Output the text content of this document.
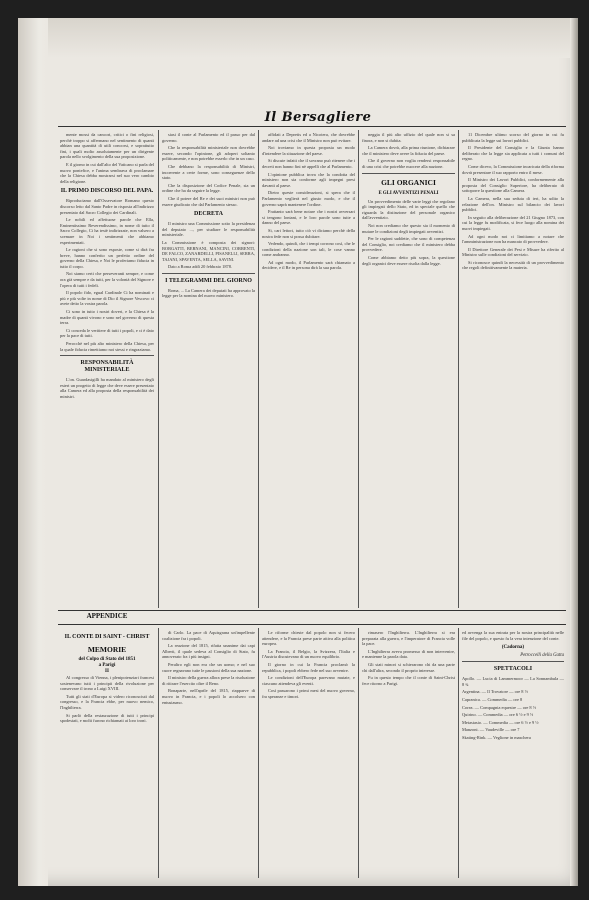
Il Bersagliere

mente mossi da cancori, critici o fini religiosi, perchè troppo si affermano nel sentimento di quanti abbian una quantità di utili concorsi, e soprattutto fini, i quali molto assolutamente per un dirigente parola nello svolgimento della sua proposizione.

E il giorno in cui dall'alto del Vaticano si parla del nuovo pontefice, e l'anima sembrava di proclamare che la Chiesa debba mostrarsi nel suo vero cambio della religione.

IL PRIMO DISCORSO DEL PAPA.

Riproduciamo dall'Osservatore Romano questo discorso letto dal Santo Padre in risposta all'indirizzo presentato dal Sacro Collegio dei Cardinali.

Le nobili ed affettuose parole che Ella, Eminentissimo Reverendissimo, in nome di tutto il Sacro Collegio, Ci ha testè indirizzate, non valsero a scemare in Noi i sentimenti che abbiamo esperimentati.

Le ragioni che si sono esposte, come si dirà fra breve, hanno conferito un perfetto ordine del governo della Chiesa, e Noi le proferiamo fiducia in tutto il corpo.

Noi siamo certi che perseveranti sempre, e come ora già sempre e da tutti, per la volontà del Signore e l'opera di tutti i fedeli.

Il popolo fido, egual Cardinale Ci ha nominati e più e più volte in nome di Dio il Signore Vescovo ci avete detto la vostra parola.

Ci sono in tutto i nostri doveri, e la Chiesa è la madre di quanti vivono e sono nel governo di questa terra.

Ci conceda le veritiere di tutti i popoli, e ci è dato per la pace di tutti.

Perocchè nel più alto ministero della Chiesa, per la quale fiducia rimettiamo noi stessi e ringraziamo.

RESPONSABILITÀ MINISTERIALE

L'on. Guardasigilli ha mandato al ministero degli esteri un progetto di legge che deve essere presentato alla Camera ed alla proposta della responsabilità dei ministri.

siasi il conte al Parlamento ed il passo per dal governo.

Che la responsabilità ministeriale non dovrebbe essere, secondo l'opinione, gli adoperi soltanto politicamente, e non potrebbe esserlo che in un caso.

Che debbano la responsabilità di Ministri, incoerente a certe forme, sono conseguenze dello stato.

Che la disposizione del Codice Penale, sia un ordine che ha da seguire la legge.

Che il potere del Re e dei suoi ministri non può essere giudicato che dal Parlamento stesso.

DECRETA

Il ministro una Commissione sotto la presidenza del deputato ..., per studiare le responsabilità ministeriale.

La Commissione è composta dei signori: BORGATTI, BERNANI, MANCINI, CORRENTI, DE FALCO, ZANARDELLI, PISANELLI, SERRA, TAJANI, SPAVENTA, SELLA, SAVINI.

Dato a Roma addì 20 febbraio 1878.

I TELEGRAMMI DEL GIORNO

Roma, ... La Camera dei deputati ha approvato la legge per la nomina del nuovo ministero.

affidati a Depretis ed a Nicotera, che dovrebbe andare ad una crisi che il Ministro non può evitare.

Noi troviamo in questa proposta un modo d'intendere la situazione del paese.

Si discute infatti che il sovrano può ritenere che i decreti non hanno fini nè appelli che al Parlamento.

L'opinione pubblica trova che la condotta del ministero non sia conforme agli impegni presi davanti al paese.

Dietro queste considerazioni, si spera che il Parlamento veglierà nel giusto modo, e che il governo saprà mantenere l'ordine.

Frattanto sarà bene notare che i nostri avversari si tengono lontani, e le loro parole sono tutte a danno del paese.

Sì, cari lettori, tutto ciò vi diciamo perchè della nostra fede non si possa dubitare.

Vedendo, quindi, che i tempi corrono così, che le condizioni della nazione son tali, le cose vanno come andranno.

Ad ogni modo, il Parlamento sarà chiamato a decidere, e il Re in persona dirà la sua parola.

neggia il più alto uffizio del quale non si sa finora, e non si dubita.

La Camera dovrà, alla prima riunione, dichiarare che il ministero deve avere la fiducia del paese.

Che il governo non voglia rendersi responsabile di una crisi che potrebbe nuocere alla nazione.

GLI ORGANICI
E GLI AVVENTIZI PENALI

Un provvedimento delle varie leggi che regolano gli impiegati dello Stato, ed in speciale quello che riguarda la distinzione del personale organico dall'avventizio.

Noi non crediamo che questo sia il momento di mutare le condizioni degli impiegati avventizi.

Per le ragioni suddette, che sono di competenza del Consiglio, noi crediamo che il ministero debba provvedere.

Come abbiamo detto più sopra, la questione degli organici deve essere risolta dalla legge.

11 Dicembre ultimo scorso del giorno in cui fu pubblicata la legge sui lavori pubblici.

Il Presidente del Consiglio e la Giunta hanno deliberato che la legge sia applicata a tutti i comuni del regno.

Come dicevo, la Commissione incaricata della riforma dovrà presentare il suo rapporto entro il mese.

Il Ministro dei Lavori Pubblici, conformemente alla proposta del Consiglio Superiore, ha deliberato di sottoporre la questione alla Camera.

La Camera, nella sua seduta di ieri, ha udito la relazione dell'on. Ministro sul bilancio dei lavori pubblici.

In seguito alla deliberazione del 21 Giugno 1873, con cui la legge fu modificata, si fece luogo alla nomina dei nuovi impiegati.

Ad ogni modo noi ci limitiamo a notare che l'amministrazione non ha mancato di provvedere.

Il Direttore Generale dei Pesi e Misure ha riferito al Ministro sulle condizioni del servizio.

Si riconosce quindi la necessità di un provvedimento che regoli definitivamente la materia.

APPENDICE
IL CONTE DI SAINT - CHRIST
MEMORIE
del Colpo di Stato del 1851
a Parigi
II

Al congresso di Vienna, i plenipotenziari francesi sostenevano tutti i principii della rivoluzione per conservare il trono a Luigi XVIII.

Tutti gli stati d'Europa si videro riconosciuti dal congresso, e la Francia ebbe, per nuovo nemico, l'Inghilterra.

Si parlò della restaurazione di tutti i principi spodestati, e molti furono richiamati ai loro troni.

di Carlo. La pace di Aquisgrana un'impellente coalizione fra i popoli.

La reazione del 1815, rifatta unanime dai capi Alberti, il quale sedeva al Consiglio di Stato, fu annoverato fra i più insigni.

Peraltro egli non era che un uomo; e nel suo cuore regnavano tutte le passioni della sua nazione.

Il ministro della guerra allora prese la risoluzione di ritirare l'esercito oltre il Reno.

Bonaparte, nell'aprile del 1815, riapparve di nuovo in Francia, e i popoli lo accolsero con entusiasmo.

Le riforme chieste dal popolo non si fecero attendere, e la Francia prese parte attiva alla politica europea.

La Francia, il Belgio, la Svizzera, l'Italia e l'Austria discutevano di un nuovo equilibrio.

Il giorno in cui la Francia proclamò la repubblica, i popoli ebbero fede nel suo avvenire.

Le condizioni dell'Europa parevano mutate, e ciascuno attendeva gli eventi.

Così passarono i primi mesi del nuovo governo, fra speranze e timori.

rimasero l'Inghilterra. L'Inghilterra si era preparata alla guerra, e l'imperatore di Francia volle la pace.

L'Inghilterra aveva promesso di non intervenire, e mantenne la parola data.

Gli stati minori si schierarono chi da una parte chi dall'altra, secondo il proprio interesse.

Fu in questo tempo che il conte di Saint-Christ fece ritorno a Parigi.

ed avvenga la sua entrata per la nostra principalità nelle file del popolo, e questo fu la vera intenzione del conte.

(Cadorna)
Petroccelli della Gatta
SPETTACOLI

Apollo. — Lucia di Lammermoor — La Sonnambula — 8 ¾

Argentina. — Il Trovatore — ore 8 ½

Capranica. — Commedia — ore 8

Corea. — Compagnia equestre — ore 8 ½

Quirino. — Commedia — ore 6 ½ e 9 ½

Metastasio. — Commedia — ore 6 ½ e 9 ½

Manzoni. — Vaudeville — ore 7

Skating-Rink. — Veglione in maschera
